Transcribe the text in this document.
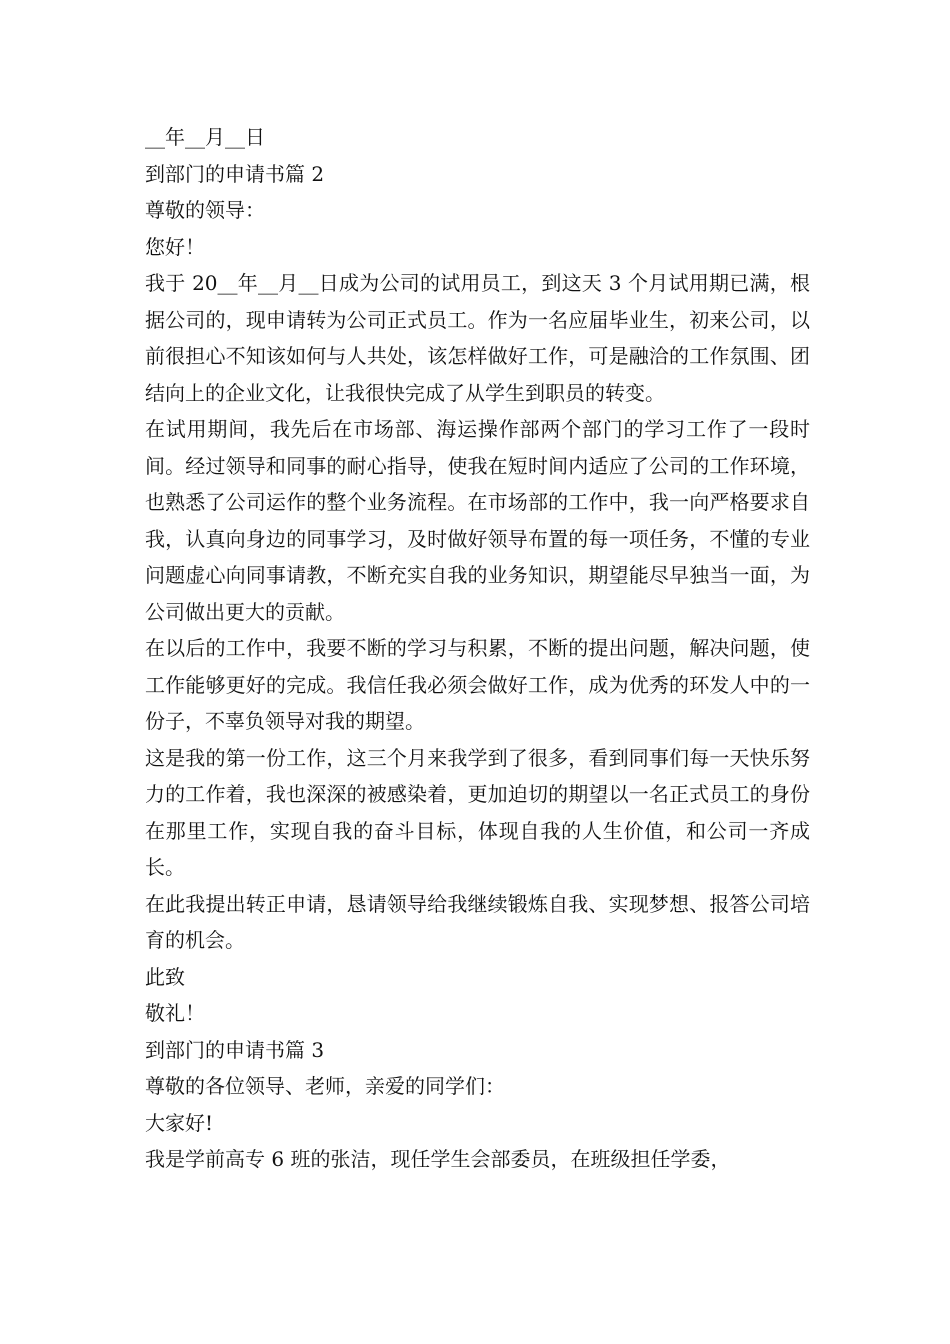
__年__月__日

到部门的申请书篇 2

尊敬的领导：

您好！

我于 20__年__月__日成为公司的试用员工，到这天 3 个月试用期已满，根据公司的，现申请转为公司正式员工。作为一名应届毕业生，初来公司，以前很担心不知该如何与人共处，该怎样做好工作，可是融洽的工作氛围、团结向上的企业文化，让我很快完成了从学生到职员的转变。

在试用期间，我先后在市场部、海运操作部两个部门的学习工作了一段时间。经过领导和同事的耐心指导，使我在短时间内适应了公司的工作环境，也熟悉了公司运作的整个业务流程。在市场部的工作中，我一向严格要求自我，认真向身边的同事学习，及时做好领导布置的每一项任务，不懂的专业问题虚心向同事请教，不断充实自我的业务知识，期望能尽早独当一面，为公司做出更大的贡献。

在以后的工作中，我要不断的学习与积累，不断的提出问题，解决问题，使工作能够更好的完成。我信任我必须会做好工作，成为优秀的环发人中的一份子，不辜负领导对我的期望。

这是我的第一份工作，这三个月来我学到了很多，看到同事们每一天快乐努力的工作着，我也深深的被感染着，更加迫切的期望以一名正式员工的身份在那里工作，实现自我的奋斗目标，体现自我的人生价值，和公司一齐成长。

在此我提出转正申请，恳请领导给我继续锻炼自我、实现梦想、报答公司培育的机会。

此致

敬礼！

到部门的申请书篇 3

尊敬的各位领导、老师，亲爱的同学们：

大家好!

我是学前高专 6 班的张洁，现任学生会部委员，在班级担任学委，
